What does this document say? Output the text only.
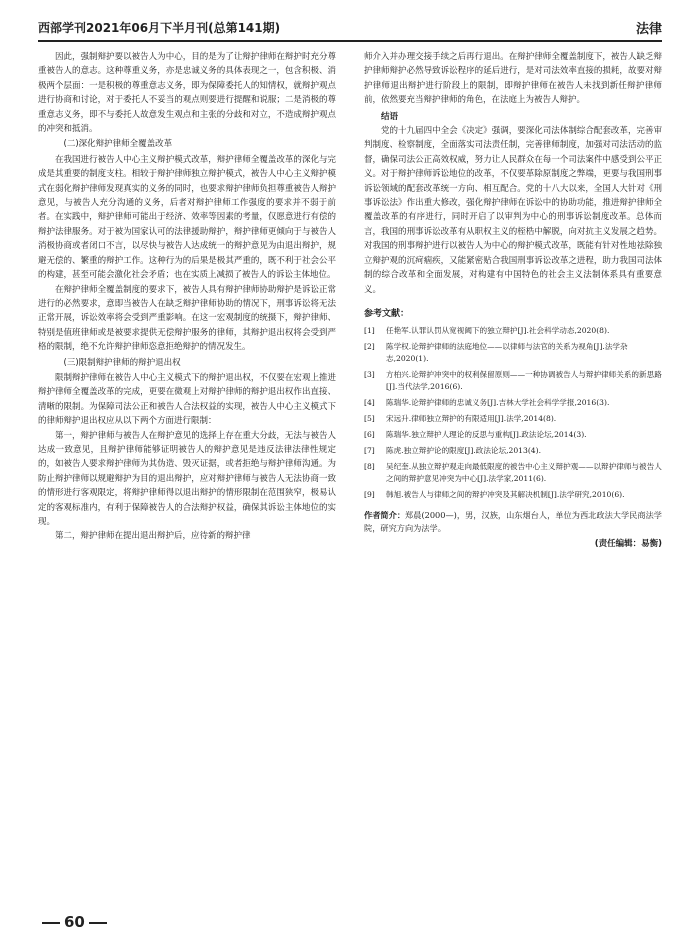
西部学刊2021年06月下半月刊(总第141期)	法律

因此，强制辩护要以被告人为中心，目的是为了让辩护律师在辩护时充分尊重被告人的意志。这种尊重义务，亦是忠诚义务的具体表现之一，包含积极、消极两个层面：一是积极的尊重意志义务，即为保障委托人的知情权，就辩护观点进行协商和讨论，对于委托人不妥当的观点则要进行提醒和说服；二是消极的尊重意志义务，即不与委托人故意发生观点和主张的分歧和对立，不造成辩护观点的冲突和抵消。

(二)深化辩护律师全覆盖改革

在我国进行被告人中心主义辩护模式改革，辩护律师全覆盖改革的深化与完成是其重要的制度支柱。相较于辩护律师独立辩护模式，被告人中心主义辩护模式在弱化辩护律师发现真实的义务的同时，也要求辩护律师负担尊重被告人辩护意见，与被告人充分沟通的义务，后者对辩护律师工作强度的要求并不弱于前者。在实践中，辩护律师可能出于经济、效率等因素的考量，仅愿意进行有偿的辩护法律服务。对于被为国家认可的法律援助辩护，辩护律师更倾向于与被告人消极协商或者闭口不言，以尽快与被告人达成统一的辩护意见为由退出辩护，规避无偿的、繁重的辩护工作。这种行为的后果是极其严重的，既不利于社会公平的构建，甚至可能会激化社会矛盾；也在实质上减损了被告人的诉讼主体地位。

在辩护律师全覆盖制度的要求下，被告人具有辩护律师协助辩护是诉讼正常进行的必然要求，意即当被告人在缺乏辩护律师协助的情况下，刑事诉讼将无法正常开展，诉讼效率将会受到严重影响。在这一宏观制度的统摄下，辩护律师、特别是值班律师或是被要求提供无偿辩护服务的律师，其辩护退出权将会受到严格的限制，绝不允许辩护律师恣意拒绝辩护的情况发生。

(三)限制辩护律师的辩护退出权

限制辩护律师在被告人中心主义模式下的辩护退出权，不仅要在宏观上推进辩护律师全覆盖改革的完成，更要在微观上对辩护律师的辩护退出权作出直接、清晰的限制。为保障司法公正和被告人合法权益的实现，被告人中心主义模式下的律师辩护退出权应从以下两个方面进行限制：

第一，辩护律师与被告人在辩护意见的选择上存在重大分歧，无法与被告人达成一致意见，且辩护律师能够证明被告人的辩护意见是违反法律法律性规定的，如被告人要求辩护律师为其伪造、毁灭证据，或者拒绝与辩护律师沟通。为防止辩护律师以规避辩护为目的退出辩护，应对辩护律师与被告人无法协商一致的情形进行客观限定，将辩护律师得以退出辩护的情形限制在范围狭窄，极易认定的客观标准内，有利于保障被告人的合法辩护权益，确保其诉讼主体地位的实现。

第二，辩护律师在提出退出辩护后，应待新的辩护律

师介入并办理交接手续之后再行退出。在辩护律师全覆盖制度下，被告人缺乏辩护律师辩护必然导致诉讼程序的延后进行，是对司法效率直接的损耗，故要对辩护律师退出辩护进行阶段上的限制，即辩护律师在被告人未找到新任辩护律师前，依然要充当辩护律师的角色，在法庭上为被告人辩护。

结语

党的十九届四中全会《决定》强调，要深化司法体制综合配套改革，完善审判制度、检察制度，全面落实司法责任制，完善律师制度，加强对司法活动的监督，确保司法公正高效权威，努力让人民群众在每一个司法案件中感受到公平正义。对于辩护律师诉讼地位的改革，不仅要革除原制度之弊端，更要与我国刑事诉讼领域的配套改革统一方向、相互配合。党的十八大以来，全国人大针对《刑事诉讼法》作出重大修改，强化辩护律师在诉讼中的协助功能，推进辩护律师全覆盖改革的有序进行，同时开启了以审判为中心的刑事诉讼制度改革。总体而言，我国的刑事诉讼改革有从职权主义的桎梏中解脱，向对抗主义发展之趋势。对我国的刑事辩护进行以被告人为中心的辩护模式改革，既能有针对性地祛除独立辩护观的沉疴痼疾，又能紧密贴合我国刑事诉讼改革之进程，助力我国司法体制的综合改革和全面发展，对构建有中国特色的社会主义法制体系具有重要意义。

参考文献：
[1]	任艳军.认罪认罚从宽视阈下的独立辩护[J].社会科学动态,2020(8).
[2]	陈学权.论辩护律师的法庭地位——以律师与法官的关系为视角[J].法学杂志,2020(1).
[3]	方柏兴.论辩护冲突中的权利保留原则——一种协调被告人与辩护律师关系的新思路[J].当代法学,2016(6).
[4]	陈瑞华.论辩护律师的忠诚义务[J].吉林大学社会科学学报,2016(3).
[5]	宋远升.律师独立辩护的有限适用[J].法学,2014(8).
[6]	陈瑞华.独立辩护人理论的反思与重构[J].政法论坛,2014(3).
[7]	陈虎.独立辩护论的限度[J].政法论坛,2013(4).
[8]	吴纪奎.从独立辩护观走向最低限度的被告中心主义辩护观——以辩护律师与被告人之间的辩护意见冲突为中心[J].法学家,2011(6).
[9]	韩旭.被告人与律师之间的辩护冲突及其解决机制[J].法学研究,2010(6).
作者简介：郑晨(2000—)，男，汉族，山东烟台人，单位为西北政法大学民商法学院，研究方向为法学。
(责任编辑：易衡)
60
